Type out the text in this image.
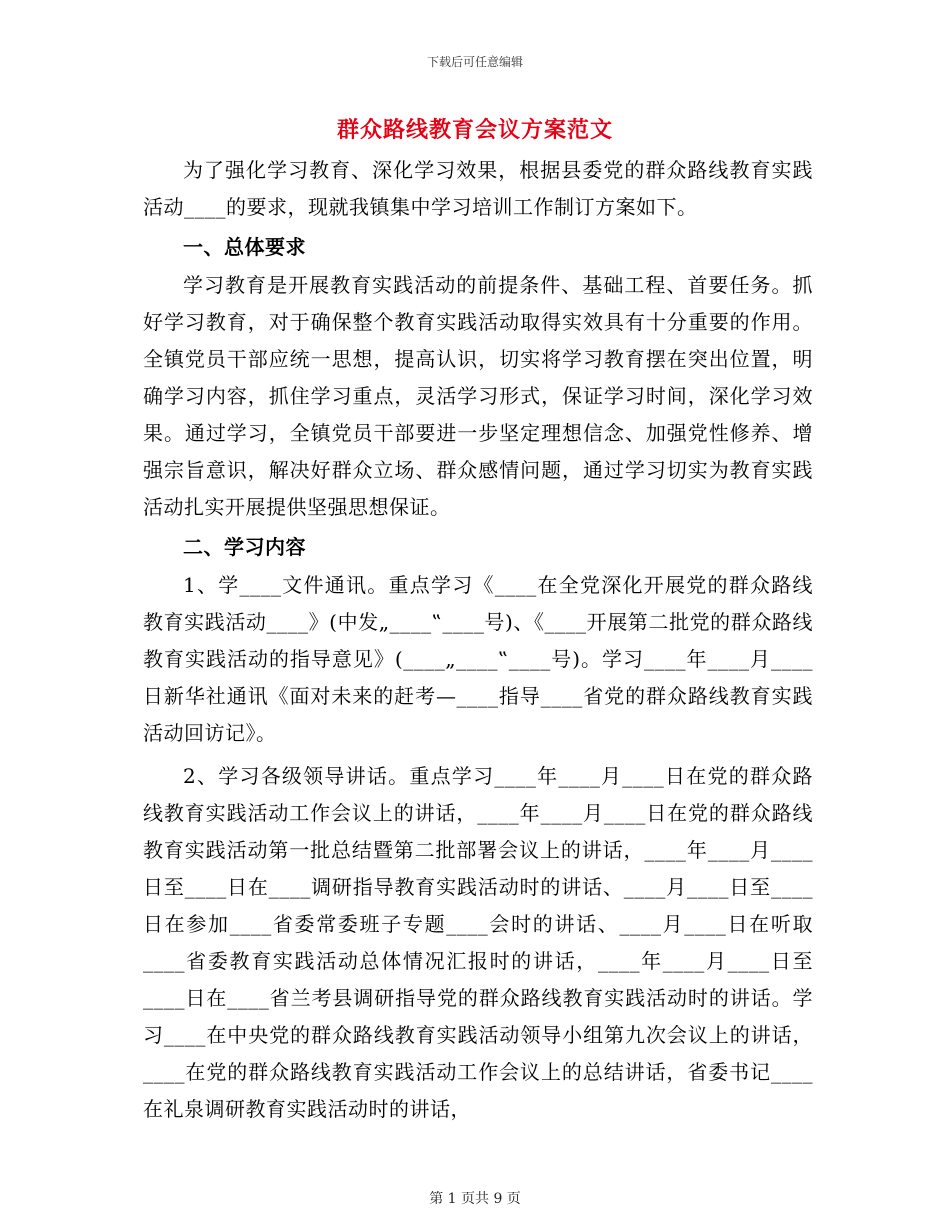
下载后可任意编辑
群众路线教育会议方案范文

为了强化学习教育、深化学习效果，根据县委党的群众路线教育实践活动____的要求，现就我镇集中学习培训工作制订方案如下。

一、总体要求

学习教育是开展教育实践活动的前提条件、基础工程、首要任务。抓好学习教育，对于确保整个教育实践活动取得实效具有十分重要的作用。全镇党员干部应统一思想，提高认识，切实将学习教育摆在突出位置，明确学习内容，抓住学习重点，灵活学习形式，保证学习时间，深化学习效果。通过学习，全镇党员干部要进一步坚定理想信念、加强党性修养、增强宗旨意识，解决好群众立场、群众感情问题，通过学习切实为教育实践活动扎实开展提供坚强思想保证。

二、学习内容

1、学____文件通讯。重点学习《____在全党深化开展党的群众路线教育实践活动____》(中发„____‟____号)、《____开展第二批党的群众路线教育实践活动的指导意见》(____„____‟____号)。学习____年____月____日新华社通讯《面对未来的赶考—____指导____省党的群众路线教育实践活动回访记》。

2、学习各级领导讲话。重点学习____年____月____日在党的群众路线教育实践活动工作会议上的讲话，____年____月____日在党的群众路线教育实践活动第一批总结暨第二批部署会议上的讲话，____年____月____日至____日在____调研指导教育实践活动时的讲话、____月____日至____日在参加____省委常委班子专题____会时的讲话、____月____日在听取____省委教育实践活动总体情况汇报时的讲话，____年____月____日至____日在____省兰考县调研指导党的群众路线教育实践活动时的讲话。学习____在中央党的群众路线教育实践活动领导小组第九次会议上的讲话，____在党的群众路线教育实践活动工作会议上的总结讲话，省委书记____在礼泉调研教育实践活动时的讲话，

第 1 页共 9 页
